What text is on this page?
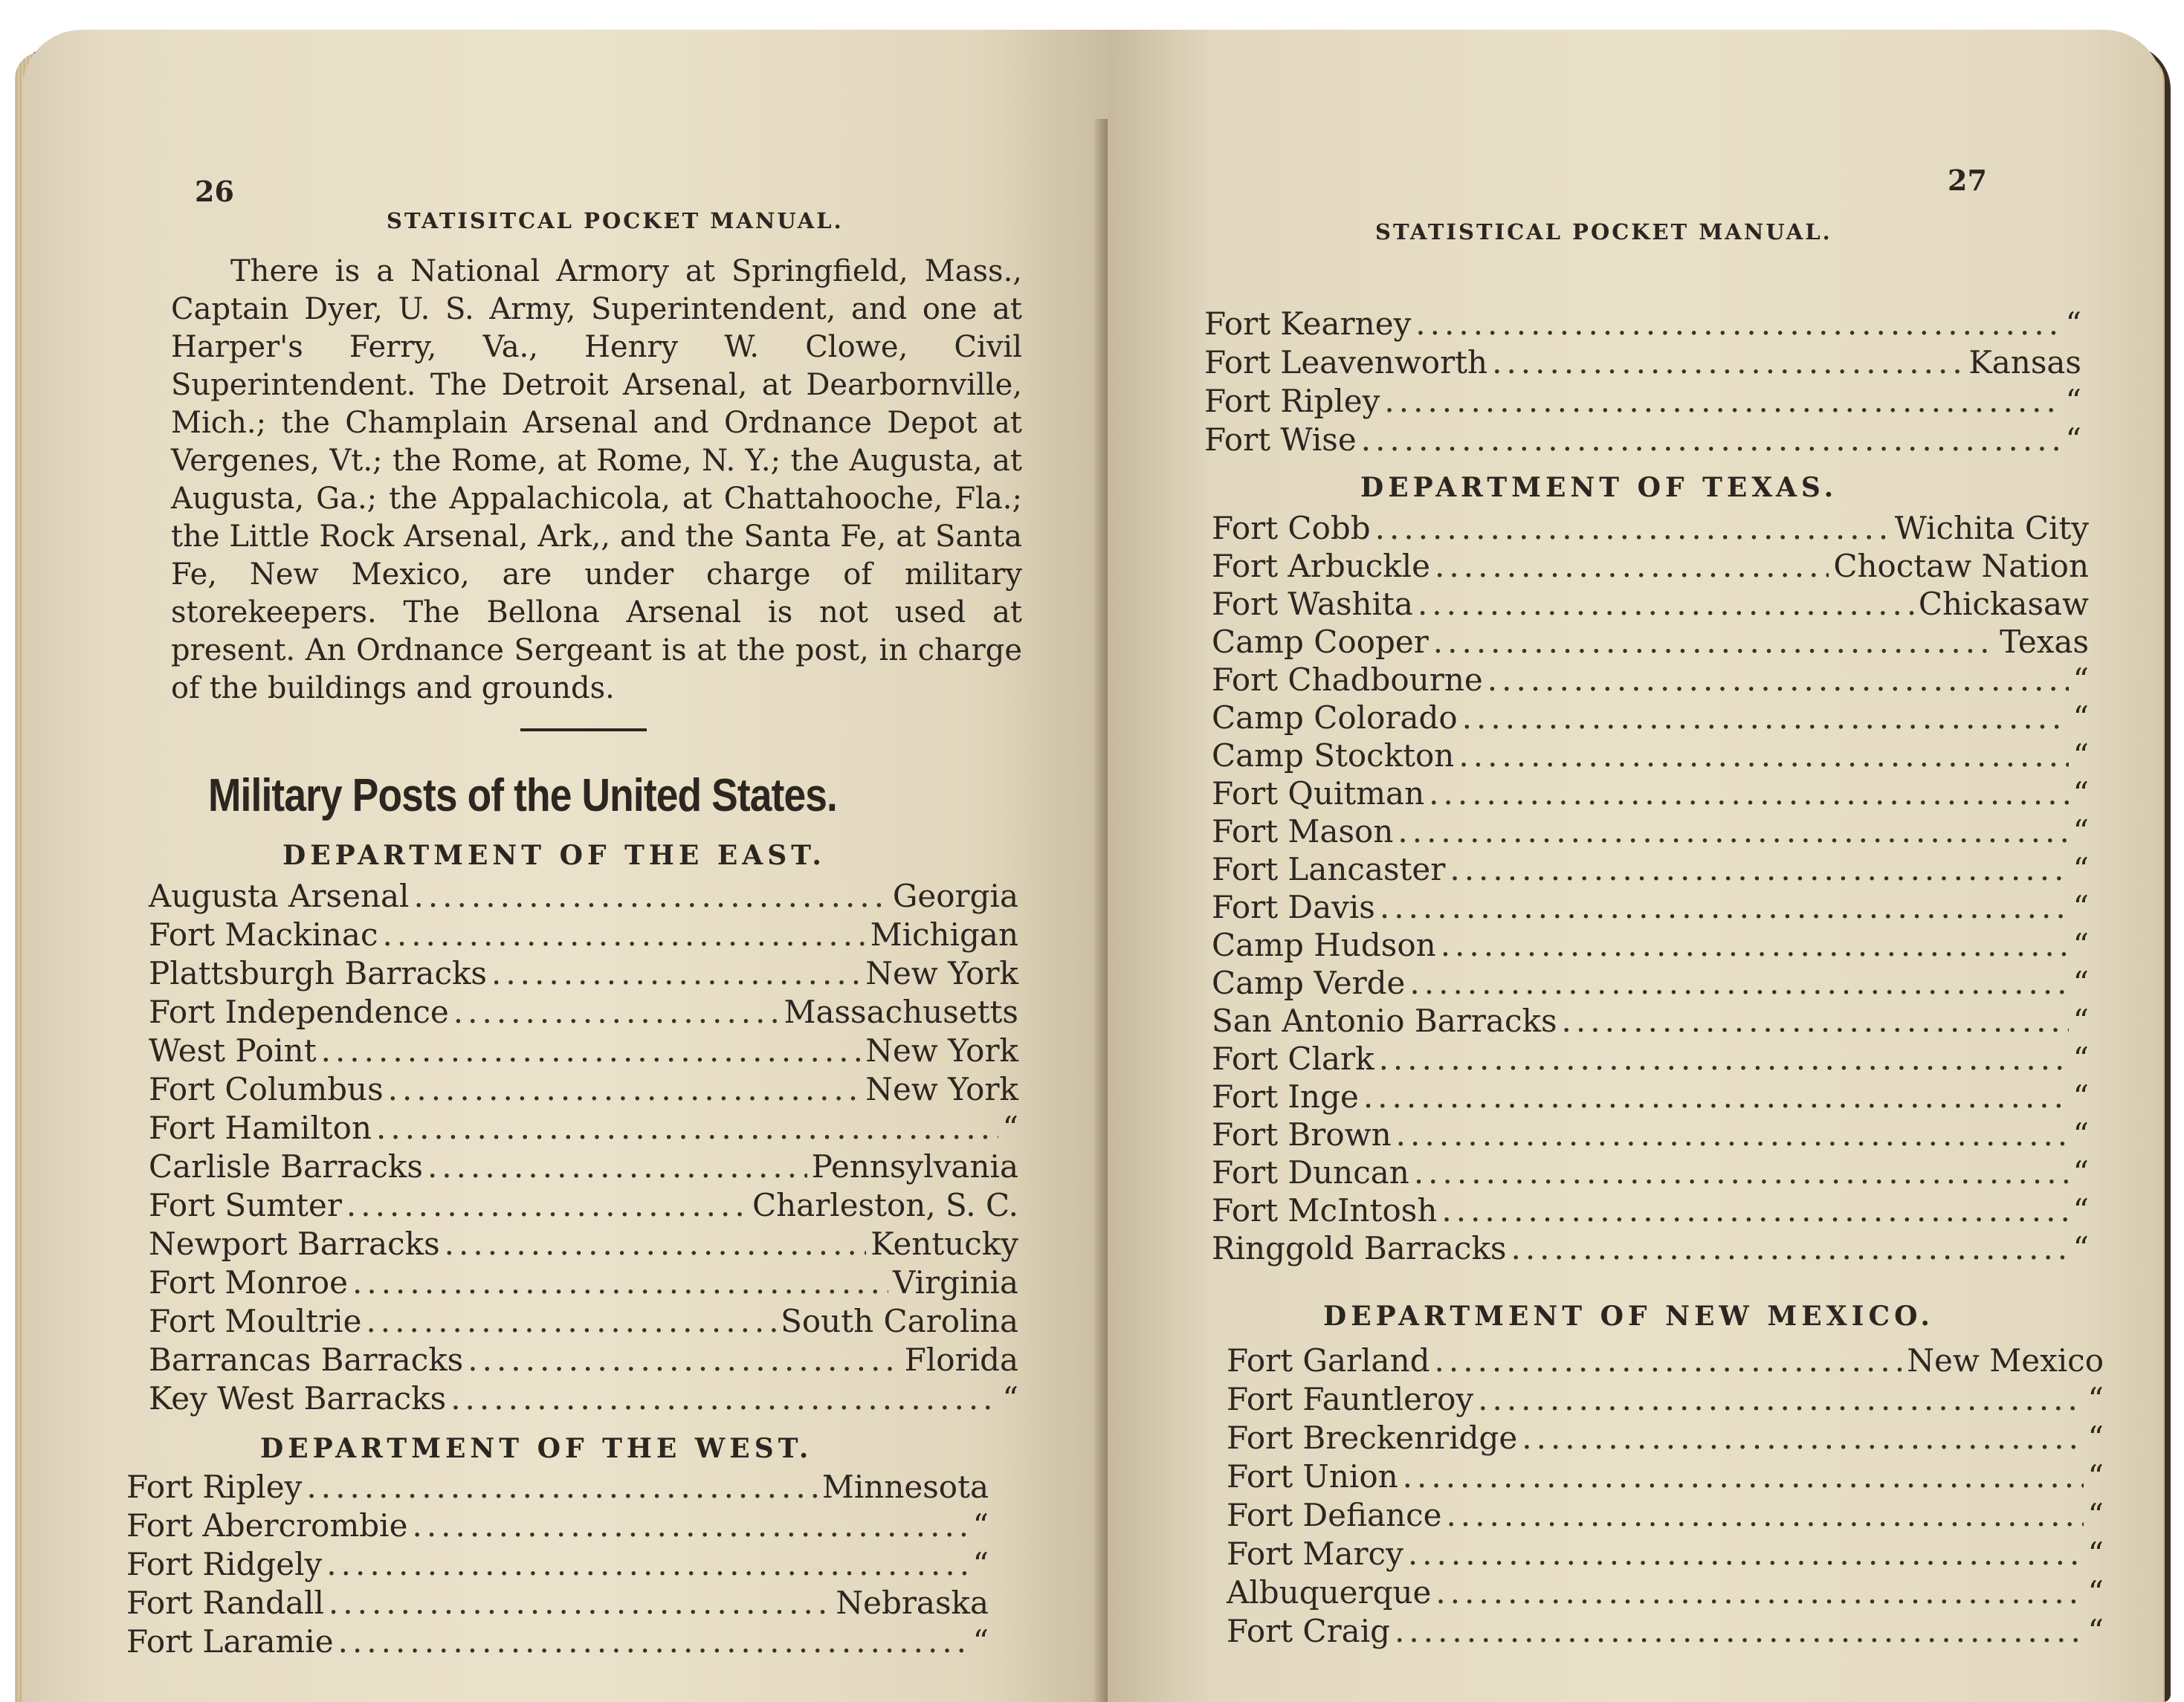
26
STATISITCAL POCKET MANUAL.
There is a National Armory at Springfield, Mass., Captain Dyer, U. S. Army, Superintendent, and one at Harper's Ferry, Va., Henry W. Clowe, Civil Superintendent. The Detroit Arsenal, at Dearbornville, Mich.; the Champlain Arsenal and Ordnance Depot at Vergenes, Vt.; the Rome, at Rome, N. Y.; the Augusta, at Augusta, Ga.; the Appalachicola, at Chattahooche, Fla.; the Little Rock Arsenal, Ark,, and the Santa Fe, at Santa Fe, New Mexico, are under charge of military storekeepers. The Bellona Arsenal is not used at present. An Ordnance Sergeant is at the post, in charge of the buildings and grounds.
Military Posts of the United States.
DEPARTMENT OF THE EAST.
Augusta Arsenal .....	Georgia
Fort Mackinac .....	Michigan
Plattsburgh Barracks .....	New York
Fort Independence .....	Massachusetts
West Point .....	New York
Fort Columbus .....	New York
Fort Hamilton .....	“
Carlisle Barracks .....	Pennsylvania
Fort Sumter .....	Charleston, S. C.
Newport Barracks .....	Kentucky
Fort Monroe .....	Virginia
Fort Moultrie .....	South Carolina
Barrancas Barracks .....	Florida
Key West Barracks .....	“
DEPARTMENT OF THE WEST.
Fort Ripley .....	Minnesota
Fort Abercrombie .....	“
Fort Ridgely .....	“
Fort Randall .....	Nebraska
Fort Laramie .....	“
27
STATISTICAL POCKET MANUAL.
Fort Kearney .....	“
Fort Leavenworth .....	Kansas
Fort Ripley .....	“
Fort Wise .....	“
DEPARTMENT OF TEXAS.
Fort Cobb .....	Wichita City
Fort Arbuckle .....	Choctaw Nation
Fort Washita .....	Chickasaw
Camp Cooper .....	Texas
Fort Chadbourne .....	“
Camp Colorado .....	“
Camp Stockton .....	“
Fort Quitman .....	“
Fort Mason .....	“
Fort Lancaster .....	“
Fort Davis .....	“
Camp Hudson .....	“
Camp Verde .....	“
San Antonio Barracks .....	“
Fort Clark .....	“
Fort Inge .....	“
Fort Brown .....	“
Fort Duncan .....	“
Fort McIntosh .....	“
Ringgold Barracks .....	“
DEPARTMENT OF NEW MEXICO.
Fort Garland .....	New Mexico
Fort Fauntleroy .....	“
Fort Breckenridge .....	“
Fort Union .....	“
Fort Defiance .....	“
Fort Marcy .....	“
Albuquerque .....	“
Fort Craig .....	“
